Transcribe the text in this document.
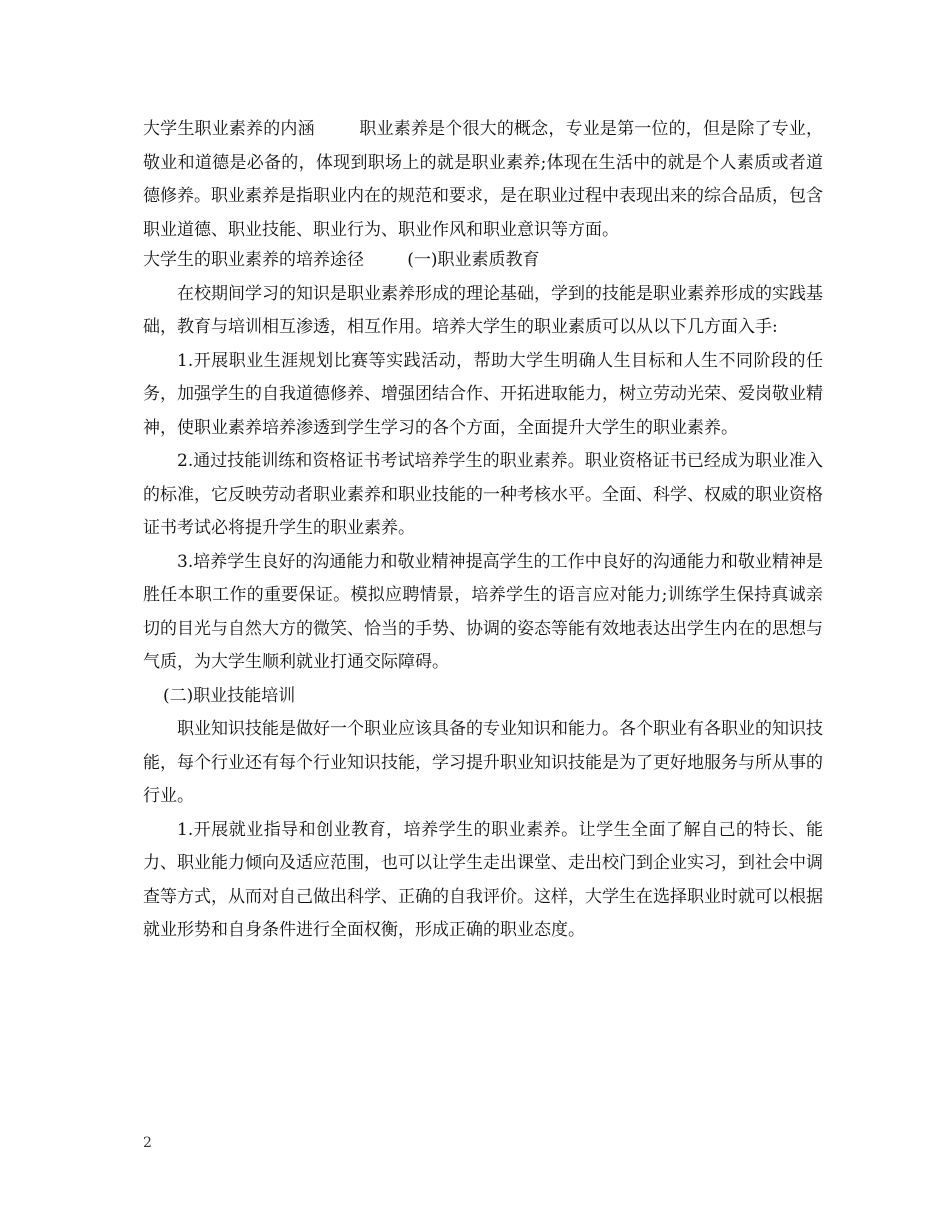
大学生职业素养的内涵	职业素养是个很大的概念，专业是第一位的，但是除了专业，敬业和道德是必备的，体现到职场上的就是职业素养;体现在生活中的就是个人素质或者道德修养。职业素养是指职业内在的规范和要求，是在职业过程中表现出来的综合品质，包含职业道德、职业技能、职业行为、职业作风和职业意识等方面。

大学生的职业素养的培养途径	(一)职业素质教育

在校期间学习的知识是职业素养形成的理论基础，学到的技能是职业素养形成的实践基础，教育与培训相互渗透，相互作用。培养大学生的职业素质可以从以下几方面入手:

1.开展职业生涯规划比赛等实践活动，帮助大学生明确人生目标和人生不同阶段的任务，加强学生的自我道德修养、增强团结合作、开拓进取能力，树立劳动光荣、爱岗敬业精神，使职业素养培养渗透到学生学习的各个方面，全面提升大学生的职业素养。

2.通过技能训练和资格证书考试培养学生的职业素养。职业资格证书已经成为职业准入的标准，它反映劳动者职业素养和职业技能的一种考核水平。全面、科学、权威的职业资格证书考试必将提升学生的职业素养。

3.培养学生良好的沟通能力和敬业精神提高学生的工作中良好的沟通能力和敬业精神是胜任本职工作的重要保证。模拟应聘情景，培养学生的语言应对能力;训练学生保持真诚亲切的目光与自然大方的微笑、恰当的手势、协调的姿态等能有效地表达出学生内在的思想与气质，为大学生顺利就业打通交际障碍。

(二)职业技能培训

职业知识技能是做好一个职业应该具备的专业知识和能力。各个职业有各职业的知识技能，每个行业还有每个行业知识技能，学习提升职业知识技能是为了更好地服务与所从事的行业。

1.开展就业指导和创业教育，培养学生的职业素养。让学生全面了解自己的特长、能力、职业能力倾向及适应范围，也可以让学生走出课堂、走出校门到企业实习，到社会中调查等方式，从而对自己做出科学、正确的自我评价。这样，大学生在选择职业时就可以根据就业形势和自身条件进行全面权衡，形成正确的职业态度。

2
